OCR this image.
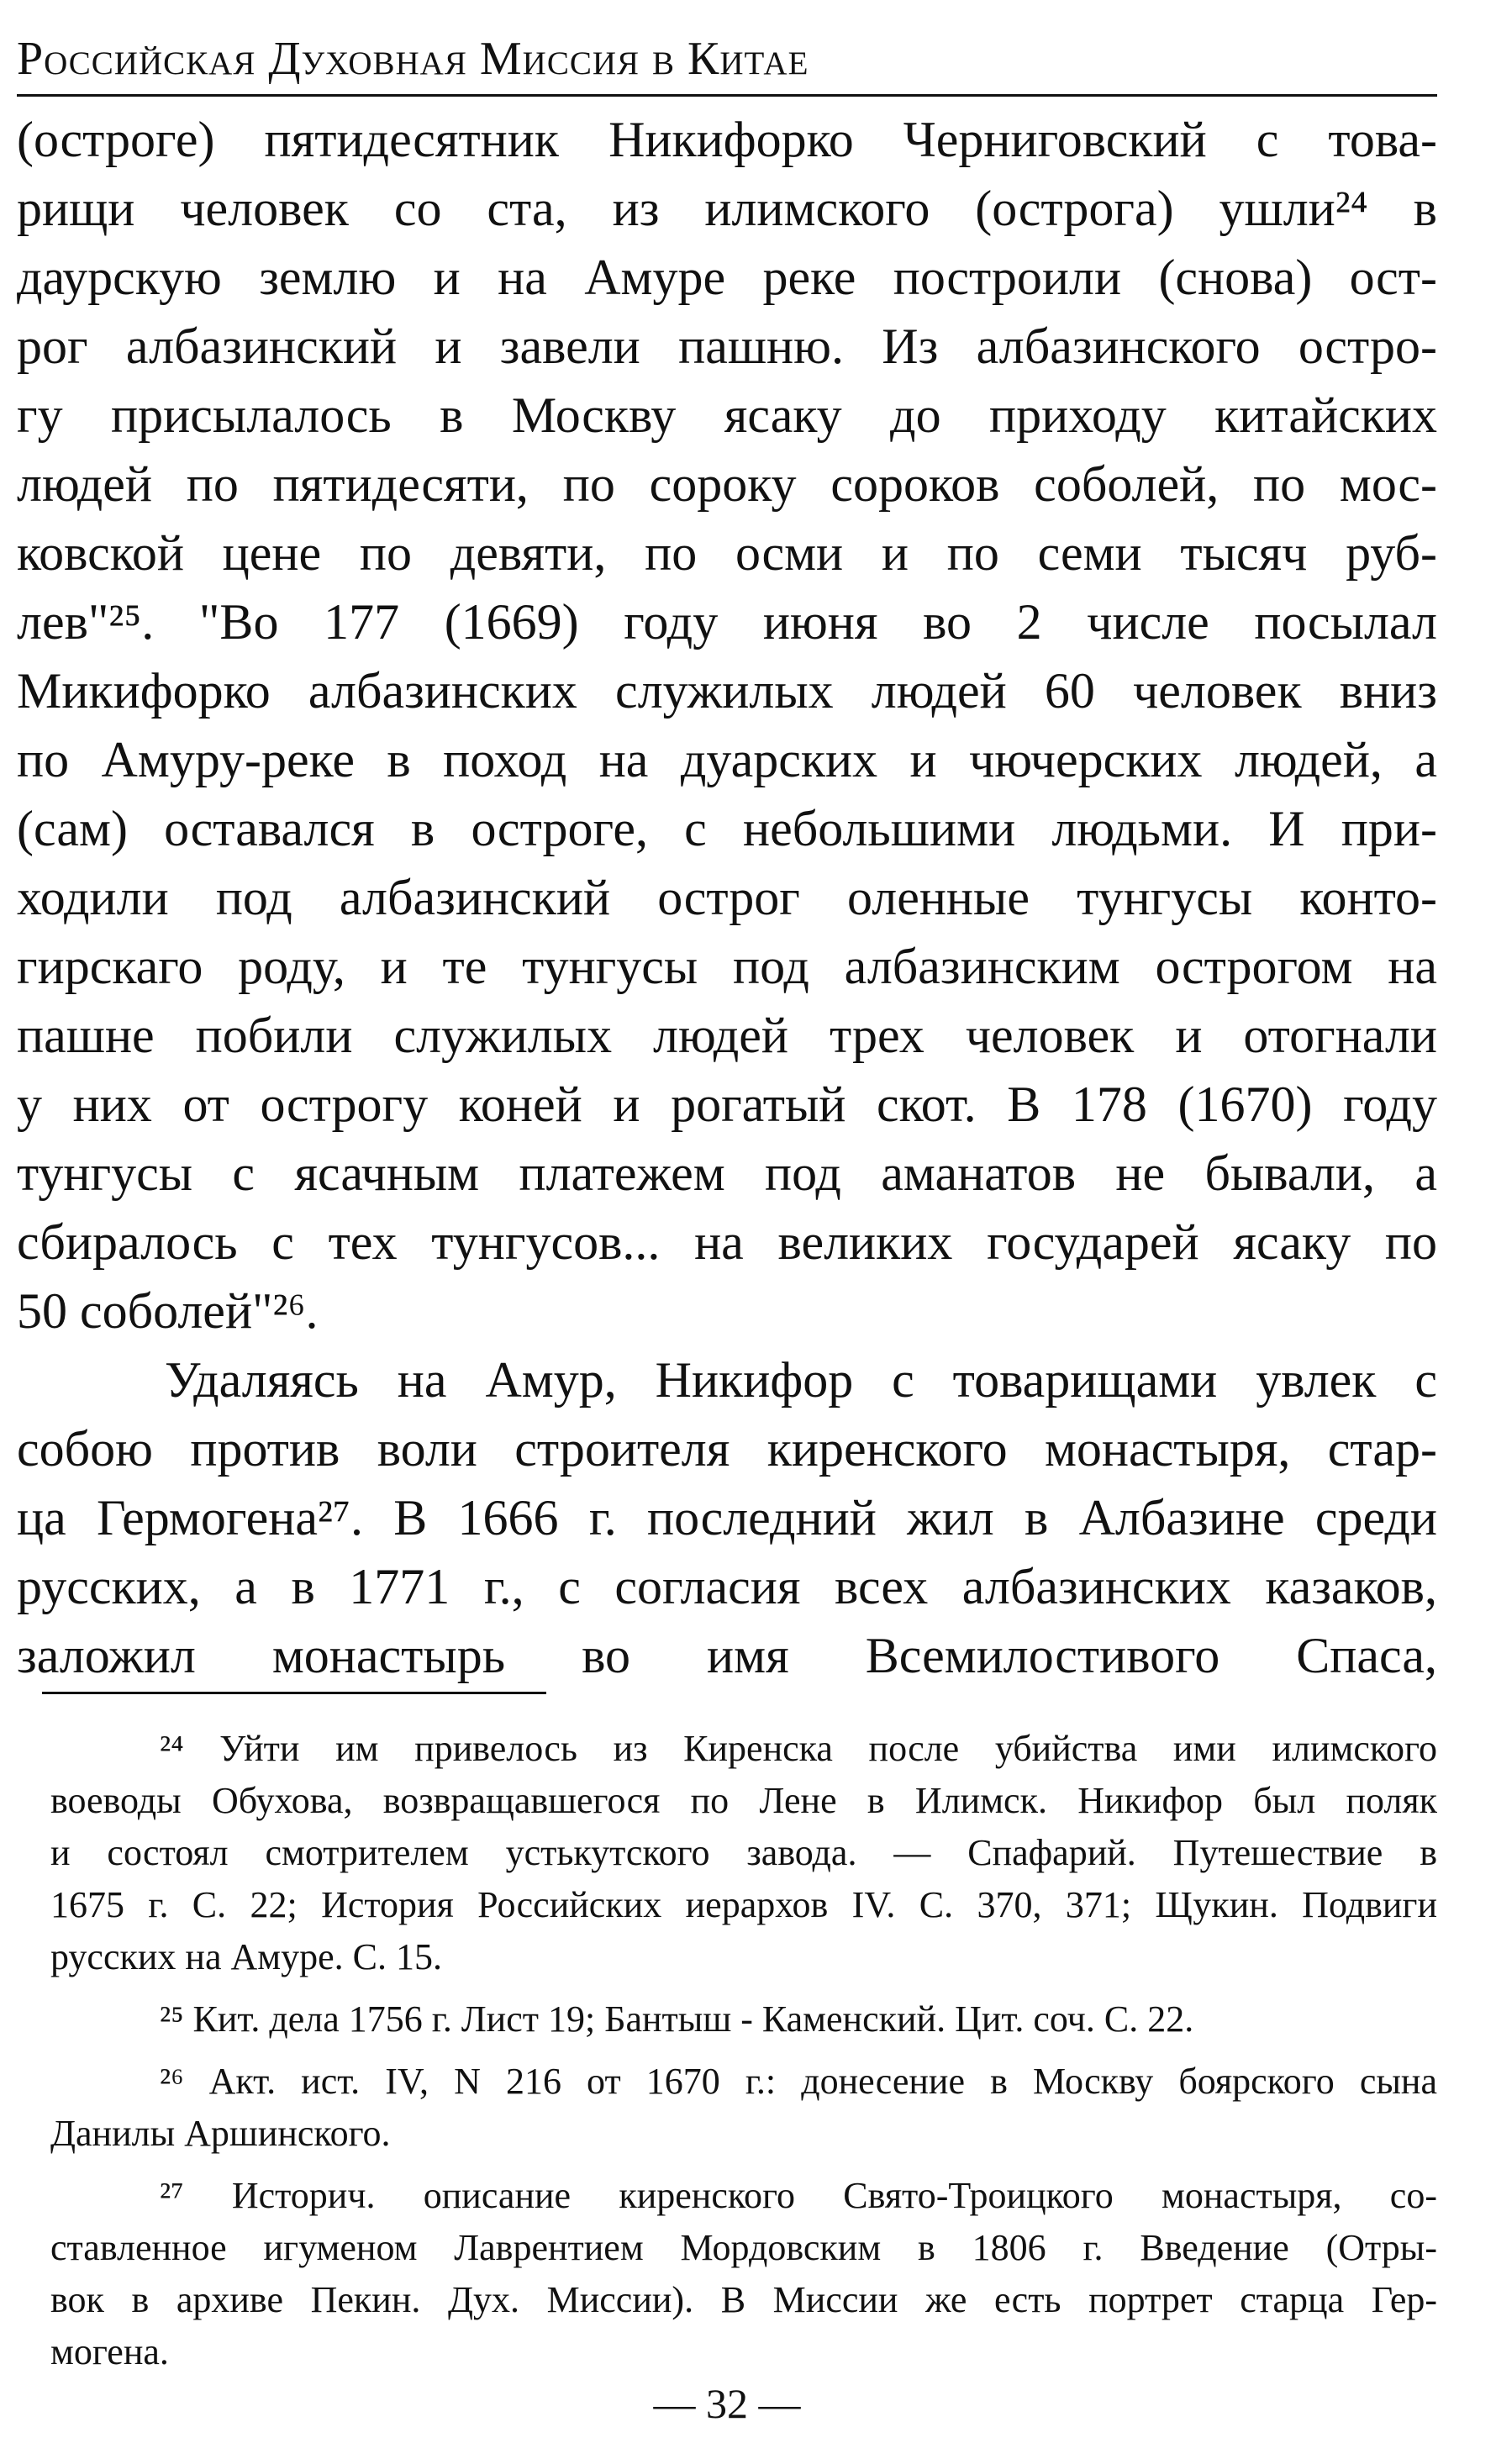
Российская Духовная Миссия в Китае
(остроге) пятидесятник Никифорко Черниговский с това-
рищи человек со ста, из илимского (острога) ушли²⁴ в
даурскую землю и на Амуре реке построили (снова) ост-
рог албазинский и завели пашню. Из албазинского остро-
гу присылалось в Москву ясаку до приходу китайских
людей по пятидесяти, по сороку сороков соболей, по мос-
ковской цене по девяти, по осми и по семи тысяч руб-
лев"²⁵. "Во 177 (1669) году июня во 2 числе посылал
Микифорко албазинских служилых людей 60 человек вниз
по Амуру-реке в поход на дуарских и чючерских людей, а
(сам) оставался в остроге, с небольшими людьми. И при-
ходили под албазинский острог оленные тунгусы конто-
гирскаго роду, и те тунгусы под албазинским острогом на
пашне побили служилых людей трех человек и отогнали
у них от острогу коней и рогатый скот. В 178 (1670) году
тунгусы с ясачным платежем под аманатов не бывали, а
сбиралось с тех тунгусов... на великих государей ясаку по
50 соболей"²⁶.
Удаляясь на Амур, Никифор с товарищами увлек с
собою против воли строителя киренского монастыря, стар-
ца Гермогена²⁷. В 1666 г. последний жил в Албазине среди
русских, а в 1771 г., с согласия всех албазинских казаков,
заложил монастырь во имя Всемилостивого Спаса,
²⁴ Уйти им привелось из Киренска после убийства ими илимского
воеводы Обухова, возвращавшегося по Лене в Илимск. Никифор был поляк
и состоял смотрителем устькутского завода. — Спафарий. Путешествие в
1675 г. С. 22; История Российских иерархов IV. С. 370, 371; Щукин. Подвиги
русских на Амуре. С. 15.
²⁵ Кит. дела 1756 г. Лист 19; Бантыш - Каменский. Цит. соч. С. 22.
²⁶ Акт. ист. IV, N 216 от 1670 г.: донесение в Москву боярского сына
Данилы Аршинского.
²⁷ Историч. описание киренского Свято-Троицкого монастыря, со-
ставленное игуменом Лаврентием Мордовским в 1806 г. Введение (Отры-
вок в архиве Пекин. Дух. Миссии). В Миссии же есть портрет старца Гер-
могена.
— 32 —
